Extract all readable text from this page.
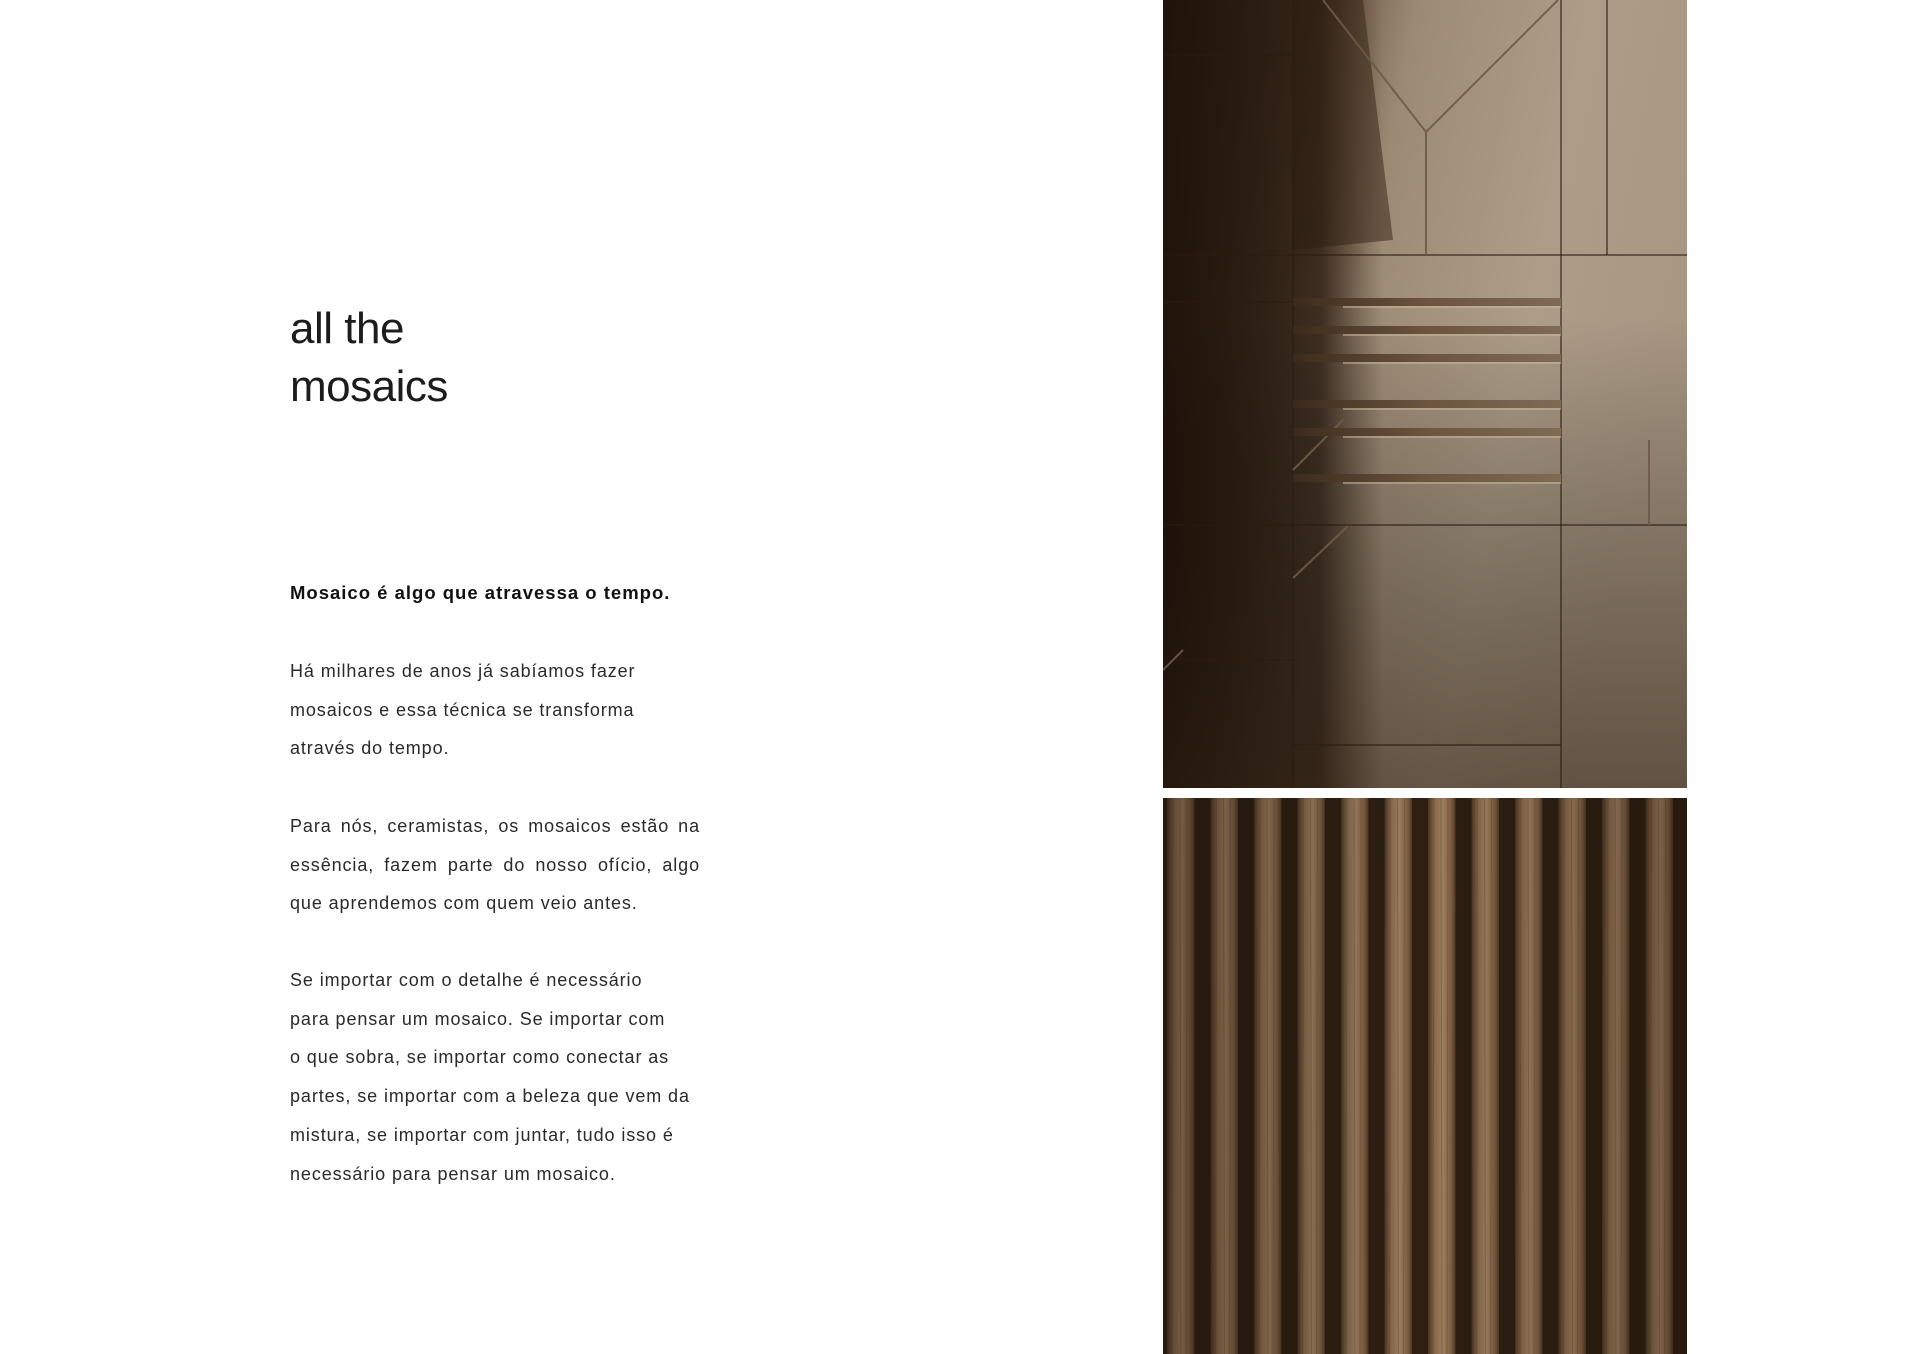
all the
mosaics

Mosaico é algo que atravessa o tempo.

Há milhares de anos já sabíamos fazer
mosaicos e essa técnica se transforma
através do tempo.

Para nós, ceramistas, os mosaicos estão na
essência, fazem parte do nosso ofício, algo
que aprendemos com quem veio antes.

Se importar com o detalhe é necessário
para pensar um mosaico. Se importar com
o que sobra, se importar como conectar as
partes, se importar com a beleza que vem da
mistura, se importar com juntar, tudo isso é
necessário para pensar um mosaico.
